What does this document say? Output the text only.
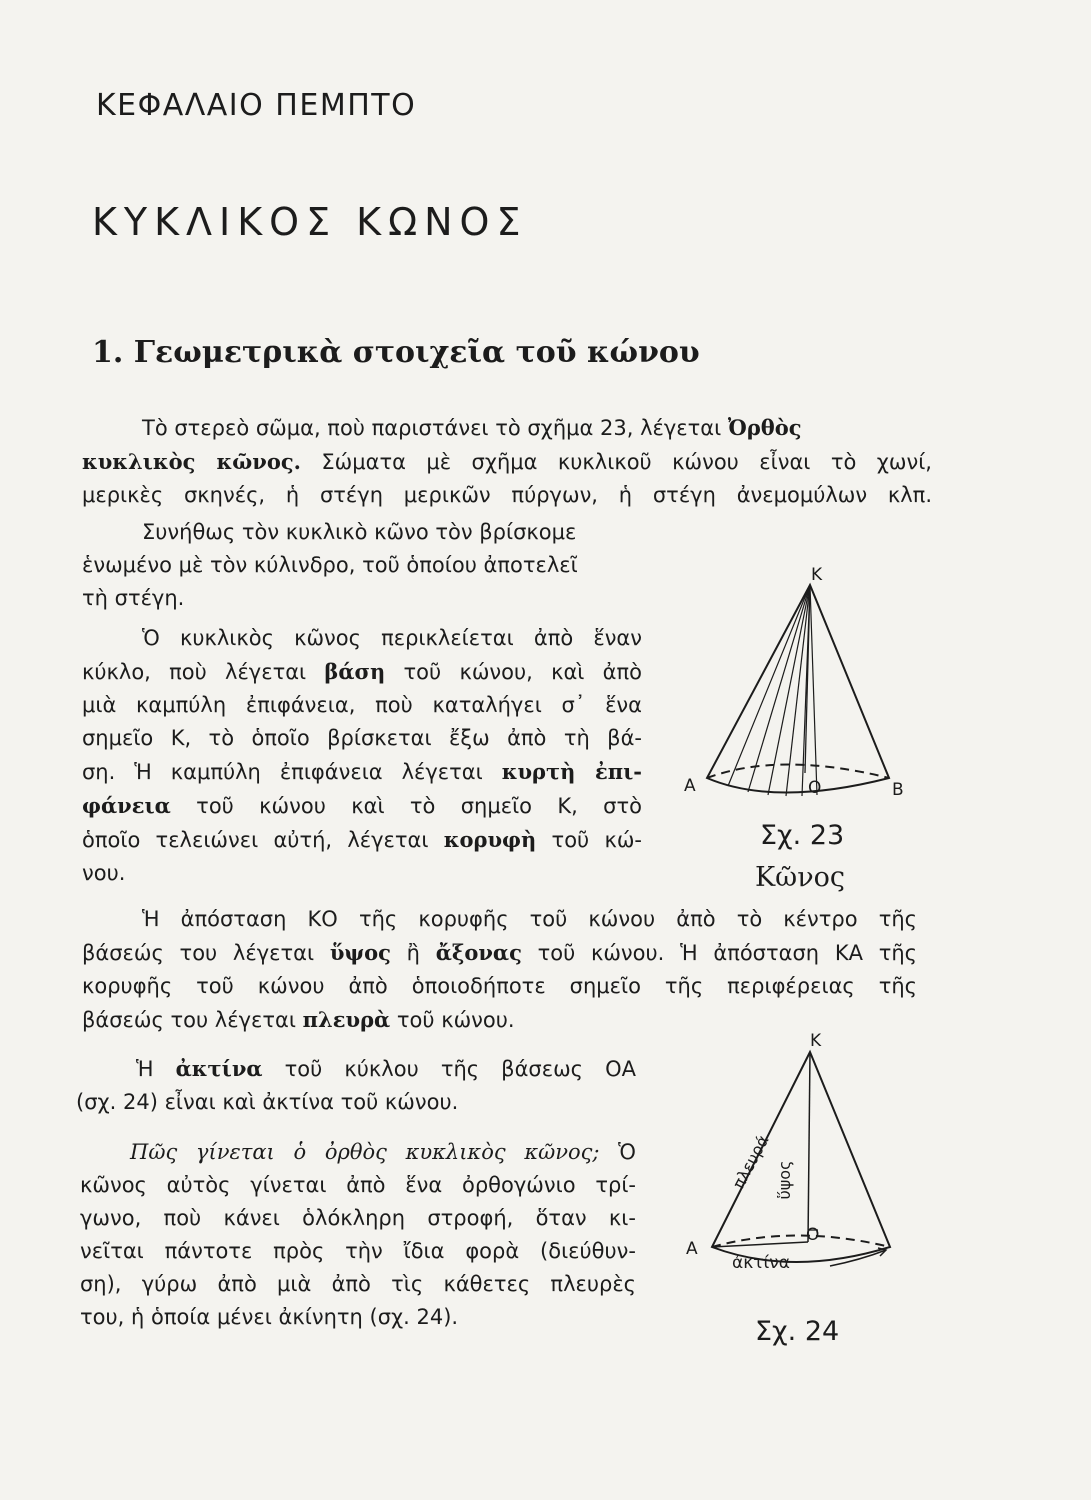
ΚΕΦΑΛΑΙΟ ΠΕΜΠΤΟ
ΚΥΚΛΙΚΟΣ ΚΩΝΟΣ
1. Γεωμετρικὰ στοιχεῖα τοῦ κώνου
Τὸ στερεὸ σῶμα, ποὺ παριστάνει τὸ σχῆμα 23, λέγεται Ὀρθὸς
κυκλικὸς κῶνος. Σώματα μὲ σχῆμα κυκλικοῦ κώνου εἶναι τὸ χωνί,
μερικὲς σκηνές, ἡ στέγη μερικῶν πύργων, ἡ στέγη ἀνεμομύλων κλπ.
Συνήθως τὸν κυκλικὸ κῶνο τὸν βρίσκομε
ἑνωμένο μὲ τὸν κύλινδρο, τοῦ ὁποίου ἀποτελεῖ
τὴ στέγη.
Ὁ κυκλικὸς κῶνος περικλείεται ἀπὸ ἕναν
κύκλο, ποὺ λέγεται βάση τοῦ κώνου, καὶ ἀπὸ
μιὰ καμπύλη ἐπιφάνεια, ποὺ καταλήγει σ᾽ ἕνα
σημεῖο Κ, τὸ ὁποῖο βρίσκεται ἔξω ἀπὸ τὴ βά-
ση. Ἡ καμπύλη ἐπιφάνεια λέγεται κυρτὴ ἐπι-
φάνεια τοῦ κώνου καὶ τὸ σημεῖο Κ, στὸ
ὁποῖο τελειώνει αὐτή, λέγεται κορυφὴ τοῦ κώ-
νου.
Ἡ ἀπόσταση ΚΟ τῆς κορυφῆς τοῦ κώνου ἀπὸ τὸ κέντρο τῆς
βάσεώς του λέγεται ὕψος ἢ ἄξονας τοῦ κώνου. Ἡ ἀπόσταση ΚΑ τῆς
κορυφῆς τοῦ κώνου ἀπὸ ὁποιοδήποτε σημεῖο τῆς περιφέρειας τῆς
βάσεώς του λέγεται πλευρὰ τοῦ κώνου.
Ἡ ἀκτίνα τοῦ κύκλου τῆς βάσεως ΟΑ
(σχ. 24) εἶναι καὶ ἀκτίνα τοῦ κώνου.
Πῶς γίνεται ὁ ὀρθὸς κυκλικὸς κῶνος; Ὁ
κῶνος αὐτὸς γίνεται ἀπὸ ἕνα ὀρθογώνιο τρί-
γωνο, ποὺ κάνει ὁλόκληρη στροφή, ὅταν κι-
νεῖται πάντοτε πρὸς τὴν ἴδια φορὰ (διεύθυν-
ση), γύρω ἀπὸ μιὰ ἀπὸ τὶς κάθετες πλευρὲς
του, ἡ ὁποία μένει ἀκίνητη (σχ. 24).
Κ
Α	Ο	Β
Σχ. 23
Κῶνος
Κ
Α
Ο
πλευρά ὕψος
ἀκτίνα
Σχ. 24
